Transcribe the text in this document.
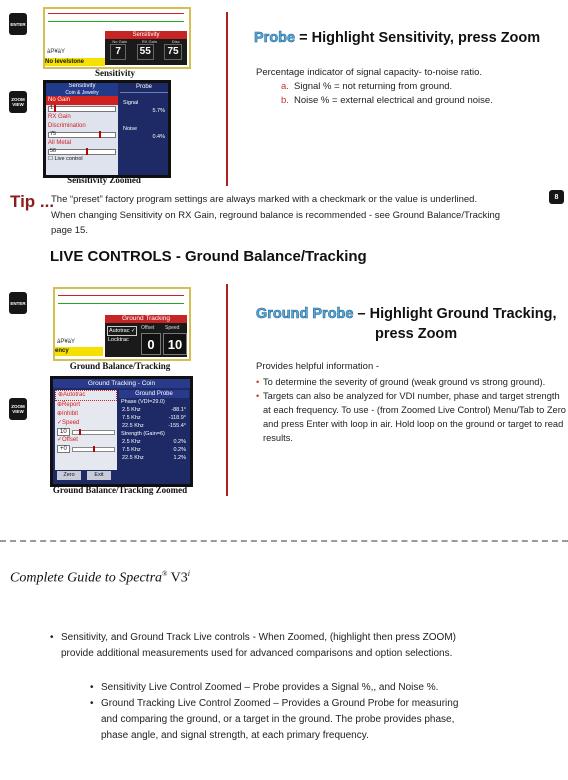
ENTER
Sensitivity
No Gain	RX Gain	Disc
7	55	75
àP¥àY
No levelstone
Sensitivity
ZOOM VIEW
Sensitivity
Coin & Jewelry
No Gain
1
RX Gain
Discrimination
75
All Metal
56
☐ Live control
Probe
Signal
5.7%
Noise
0.4%
Sensitivity Zoomed
Probe = Highlight Sensitivity, press Zoom
Percentage indicator of signal capacity- to-noise ratio.
a. Signal % = not returning from ground.
b. Noise % = external electrical and ground noise.
Tip ...
The “preset” factory program settings are always marked with a checkmark or the value is underlined.	8
When changing Sensitivity on RX Gain, reground balance is recommended - see Ground Balance/Tracking
page 15.
LIVE CONTROLS - Ground Balance/Tracking
ENTER
Ground Tracking
Autotrac ✓
Locktrac
Offset Speed
0	10
àP¥àY
ency
Ground Balance/Tracking
ZOOM VIEW
Ground Tracking - Coin
⊕Autotrac
⊕Report
⊕Inhibit
✓Speed
10
✓Offset
+0
Zero	Exit
Ground Probe
Phase (VDI=29.0)
2.5 Khz	-88.1°
7.5 Khz	-118.9°
22.5 Khz	-155.4°
Strength (Gain=6)
2.5 Khz	0.2%
7.5 Khz	0.2%
22.5 Khz	1.2%
Ground Balance/Tracking Zoomed
Ground Probe – Highlight Ground Tracking,
press Zoom
Provides helpful information -
• To determine the severity of ground (weak ground vs strong ground).
• Targets can also be analyzed for VDI number, phase and target strength at each frequency. To use - (from Zoomed Live Control) Menu/Tab to Zero and press Enter with loop in air. Hold loop on the ground or target to read results.
Complete Guide to Spectra® V3$^i$
• Sensitivity, and Ground Track Live controls - When Zoomed, (highlight then press ZOOM)
provide additional measurements used for advanced comparisons and option selections.
• Sensitivity Live Control Zoomed – Probe provides a Signal %,, and Noise %.
• Ground Tracking Live Control Zoomed – Provides a Ground Probe for measuring
and comparing the ground, or a target in the ground. The probe provides phase,
phase angle, and signal strength, at each primary frequency.
